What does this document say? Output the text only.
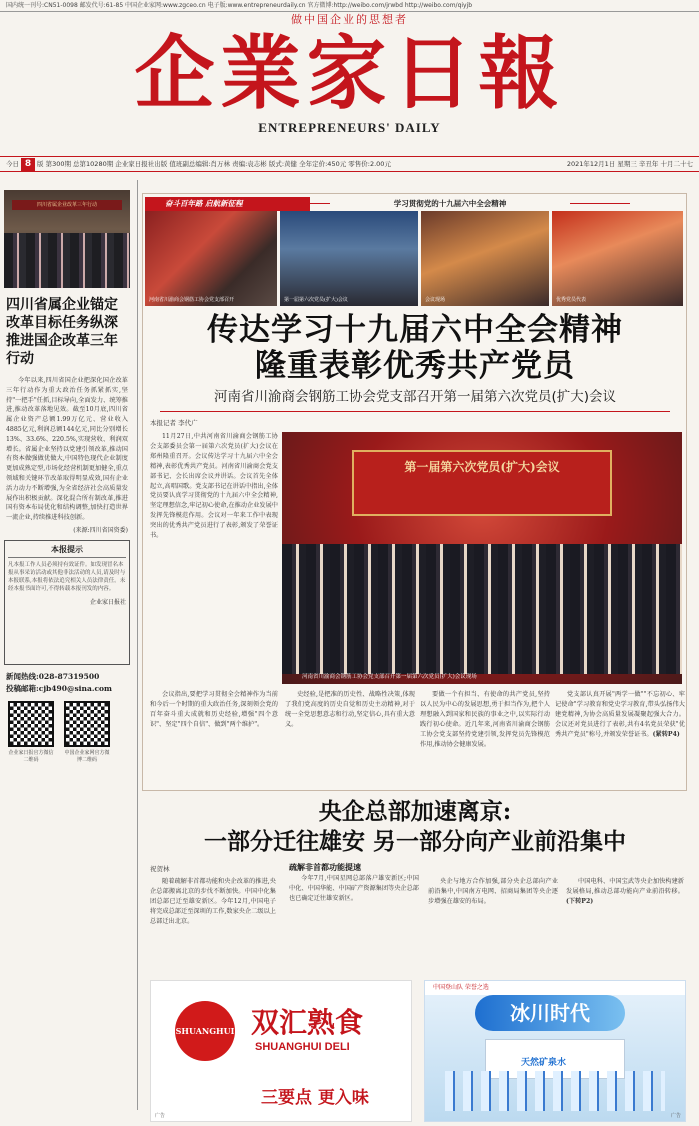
国内统一刊号:CN51-0098 邮发代号:61-85 中国企业家网:www.zgceo.cn 电子版:www.entrepreneurdaily.cn 官方微博:http://weibo.com/jrwbd http://weibo.com/qiyjb
做中国企业的思想者
企業家日報
ENTREPRENEURS' DAILY
今日 8 版 第300期 总第10280期 企业家日报社出版 值班副总编辑:肖万林 责编:袁志彬 版式:黄健 全年定价:450元 零售价:2.00元	2021年12月1日 星期三 辛丑年 十月二十七
四川省属企业改革三年行动
四川省属企业锚定改革目标任务纵深推进国企改革三年行动
今年以来,四川省国企业把深化国企改革三年行动作为重大政治任务抓紧抓实,坚持"一把手"任抓,目标导向,全面发力、统筹推进,推动改革落地见效。截至10月底,四川省属企业资产总额1.99万亿元、营业收入4885亿元,利润总额144亿元,同比分别增长13%、33.6%、220.5%,实现营收、利润双增长。省属企业坚持以党建引领改革,推动国有资本做强做优做大,中国特色现代企业制度更加成熟定型,市场化经营机制更加健全,重点领域和关键环节改革取得明显成效,国有企业活力动力不断增强,为全省经济社会高质量发展作出积极贡献。深化混合所有制改革,推进国有资本布局优化和结构调整,加快打造世界一流企业,持续推进科技创新。
(来源:四川省国资委)
本报提示
凡本报工作人员必须持有效证件。如发现冒名本报从事采访活动或其他非法活动的人员,请及时与本报联系,本报将依法追究相关人员法律责任。未经本报书面许可,不得转载本报刊发的内容。
企业家日报社
新闻热线:028-87319500
投稿邮箱:cjb490@sina.com
企业家日报官方微信二维码
中国企业家网官方微博二维码
奋斗百年路 启航新征程	学习贯彻党的十九届六中全会精神
河南省川渝商会钢筋工协会党支部召开	第一届第六次党员(扩大)会议	会议现场	优秀党员代表
传达学习十九届六中全会精神
隆重表彰优秀共产党员
河南省川渝商会钢筋工协会党支部召开第一届第六次党员(扩大)会议
本报记者 李代广
11月27日,中共河南省川渝商会钢筋工协会支部委员会第一届第六次党员(扩大)会议在郑州隆重召开。会议传达学习十九届六中全会精神,表彰优秀共产党员。河南省川渝商会党支部书记、会长出席会议并讲话。会议首先全体起立,高唱国歌。党支部书记在讲话中指出,全体党员要认真学习贯彻党的十九届六中全会精神,坚定理想信念,牢记初心使命,在推动企业发展中发挥先锋模范作用。会议对一年来工作中表现突出的优秀共产党员进行了表彰,颁发了荣誉证书。
第一届第六次党员(扩大)会议
河南省川渝商会钢筋工协会党支部召开第一届第六次党员(扩大)会议现场
会议指出,要把学习贯彻全会精神作为当前和今后一个时期的重大政治任务,深刻领会党的百年奋斗重大成就和历史经验,增强"四个意识"、坚定"四个自信"、做到"两个维护"。
史经验,是把准的历史性、战略性决策,体现了我们党高度的历史自觉和历史主动精神,对于统一全党思想意志和行动,坚定信心,具有重大意义。
要做一个有担当、有使命的共产党员,坚持以人民为中心的发展思想,勇于担当作为,把个人理想融入到国家和民族的事业之中,以实际行动践行初心使命。近几年来,河南省川渝商会钢筋工协会党支部坚持党建引领,发挥党员先锋模范作用,推动协会健康发展。
党支部认真开展"两学一做""不忘初心、牢记使命"学习教育和党史学习教育,带头弘扬伟大建党精神,为协会高质量发展凝聚起强大合力。会议还对党员进行了表彰,共有4名党员荣获"优秀共产党员"称号,并颁发荣誉证书。(紧转P4)
央企总部加速离京:
一部分迁往雄安 另一部分向产业前沿集中
祝贺林	疏解非首都功能提速
随着疏解非首都功能和央企改革的推进,央企总部搬离北京的步伐不断加快。中国中化集团总部已迁至雄安新区。今年12月,中国电子将完成总部迁至深圳的工作,数家央企二级以上总部迁出北京。
今年7月,中国星网总部落户雄安新区;中国中化、中国华能、中国矿产资源集团等央企总部也已确定迁往雄安新区。
央企与地方合作加强,部分央企总部向产业前沿集中,中国南方电网、招商局集团等央企逐步增强在雄安的布局。
中国电科、中国宝武等央企加快构建新发展格局,推动总部功能向产业前沿转移。(下转P2)
SHUANGHUI 双汇熟食
SHUANGHUI DELI
三要点 更入味
广告
中国登山队 荣誉之选
冰川时代
天然矿泉水
广告
